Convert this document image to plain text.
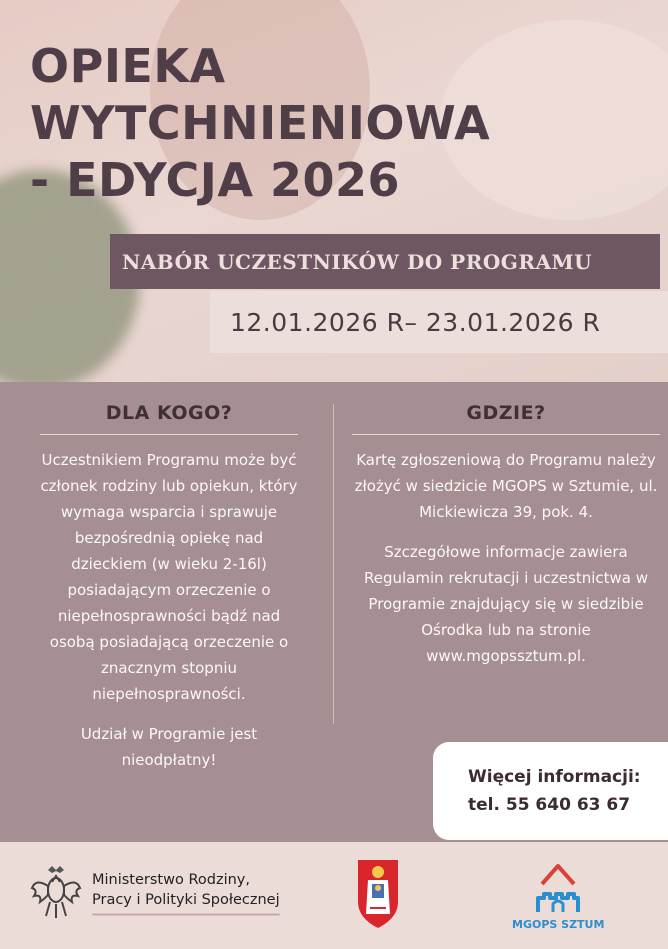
OPIEKA
WYTCHNIENIOWA
- EDYCJA 2026
NABÓR UCZESTNIKÓW DO PROGRAMU
12.01.2026 R– 23.01.2026 R
DLA KOGO?

Uczestnikiem Programu może być członek rodziny lub opiekun, który wymaga wsparcia i sprawuje bezpośrednią opiekę nad dzieckiem (w wieku 2-16l) posiadającym orzeczenie o niepełnosprawności bądź nad osobą posiadającą orzeczenie o znacznym stopniu niepełnosprawności.

Udział w Programie jest nieodpłatny!

GDZIE?

Kartę zgłoszeniową do Programu należy złożyć w siedzicie MGOPS w Sztumie, ul. Mickiewicza 39, pok. 4.

Szczegółowe informacje zawiera Regulamin rekrutacji i uczestnictwa w Programie znajdujący się w siedzibie Ośrodka lub na stronie www.mgopssztum.pl.

Więcej informacji:
tel. 55 640 63 67
Ministerstwo Rodziny,
Pracy i Polityki Społecznej
MGOPS SZTUM
